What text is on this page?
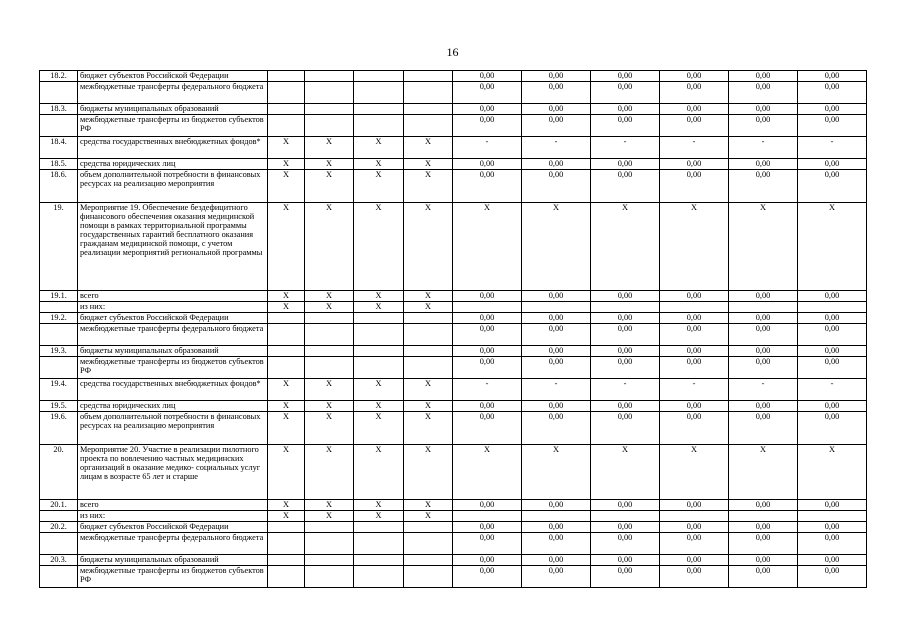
16
18.2.	бюджет субъектов Российской Федерации					0,00	0,00	0,00	0,00	0,00	0,00
	межбюджетные трансферты федерального бюджета					0,00	0,00	0,00	0,00	0,00	0,00
18.3.	бюджеты муниципальных образований					0,00	0,00	0,00	0,00	0,00	0,00
	межбюджетные трансферты из бюджетов субъектов РФ					0,00	0,00	0,00	0,00	0,00	0,00
18.4.	средства государственных внебюджетных фондов*	X	X	X	X	-	-	-	-	-	-
18.5.	средства юридических лиц	X	X	X	X	0,00	0,00	0,00	0,00	0,00	0,00
18.6.	объем дополнительной потребности в финансовых ресурсах на реализацию мероприятия	X	X	X	X	0,00	0,00	0,00	0,00	0,00	0,00
19.	Мероприятие 19. Обеспечение бездефицитного финансового обеспечения оказания медицинской помощи в рамках территориальной программы государственных гарантий бесплатного оказания гражданам медицинской помощи, с учетом реализации мероприятий региональной программы	X	X	X	X	X	X	X	X	X	X
19.1.	всего	X	X	X	X	0,00	0,00	0,00	0,00	0,00	0,00
	из них:	X	X	X	X						
19.2.	бюджет субъектов Российской Федерации					0,00	0,00	0,00	0,00	0,00	0,00
	межбюджетные трансферты федерального бюджета					0,00	0,00	0,00	0,00	0,00	0,00
19.3.	бюджеты муниципальных образований					0,00	0,00	0,00	0,00	0,00	0,00
	межбюджетные трансферты из бюджетов субъектов РФ					0,00	0,00	0,00	0,00	0,00	0,00
19.4.	средства государственных внебюджетных фондов*	X	X	X	X	-	-	-	-	-	-
19.5.	средства юридических лиц	X	X	X	X	0,00	0,00	0,00	0,00	0,00	0,00
19.6.	объем дополнительной потребности в финансовых ресурсах на реализацию мероприятия	X	X	X	X	0,00	0,00	0,00	0,00	0,00	0,00
20.	Мероприятие 20. Участие в реализации пилотного проекта по вовлечению частных медицинских организаций в оказание медико- социальных услуг лицам в возрасте 65 лет и старше	X	X	X	X	X	X	X	X	X	X
20.1.	всего	X	X	X	X	0,00	0,00	0,00	0,00	0,00	0,00
	из них:	X	X	X	X						
20.2.	бюджет субъектов Российской Федерации					0,00	0,00	0,00	0,00	0,00	0,00
	межбюджетные трансферты федерального бюджета					0,00	0,00	0,00	0,00	0,00	0,00
20.3.	бюджеты муниципальных образований					0,00	0,00	0,00	0,00	0,00	0,00
	межбюджетные трансферты из бюджетов субъектов РФ					0,00	0,00	0,00	0,00	0,00	0,00
